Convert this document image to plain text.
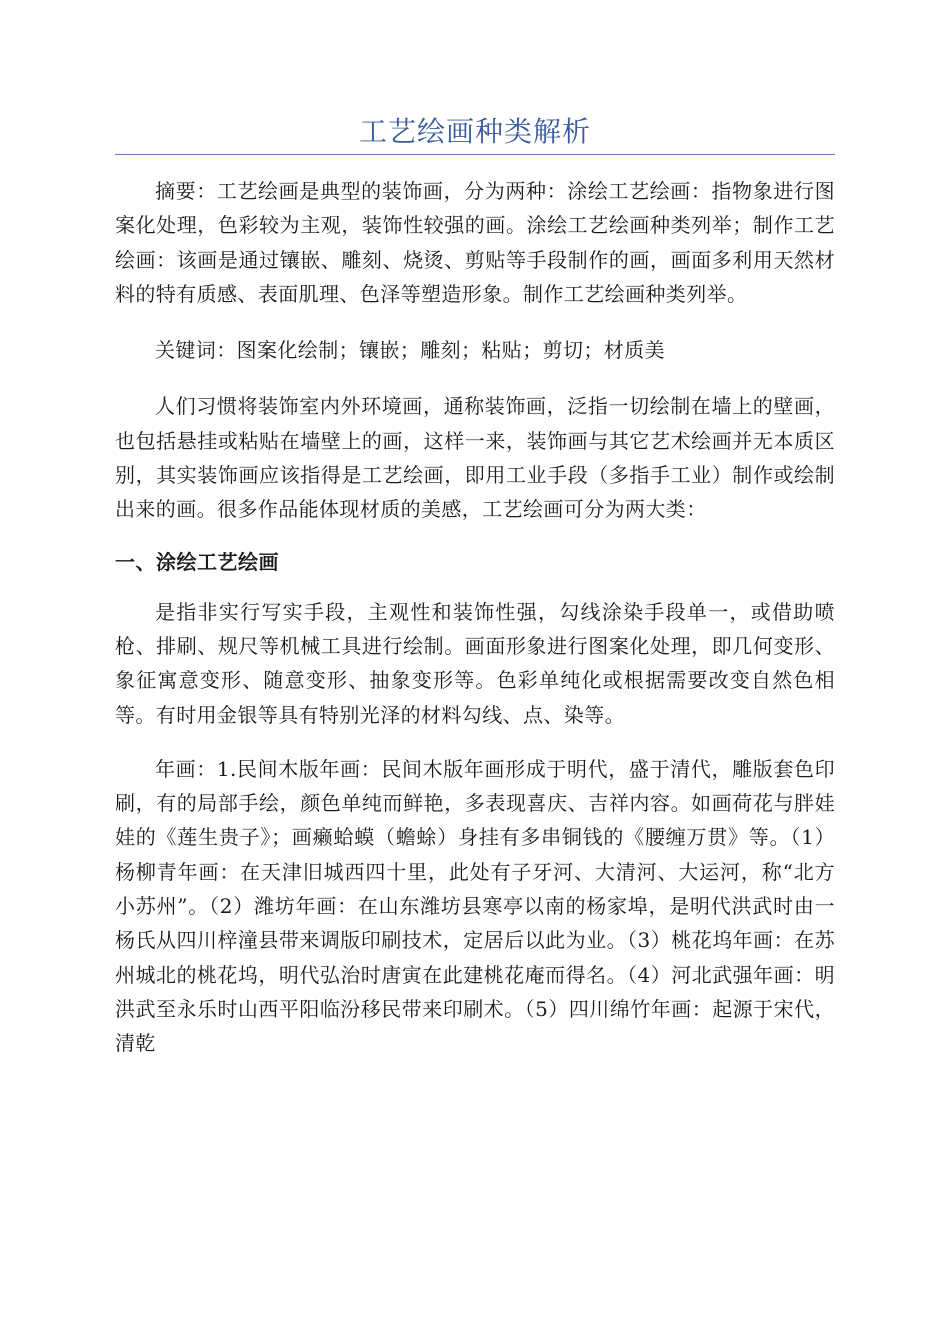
工艺绘画种类解析

摘要：工艺绘画是典型的装饰画，分为两种：涂绘工艺绘画：指物象进行图案化处理，色彩较为主观，装饰性较强的画。涂绘工艺绘画种类列举；制作工艺绘画：该画是通过镶嵌、雕刻、烧烫、剪贴等手段制作的画，画面多利用天然材料的特有质感、表面肌理、色泽等塑造形象。制作工艺绘画种类列举。

关键词：图案化绘制；镶嵌；雕刻；粘贴；剪切；材质美

人们习惯将装饰室内外环境画，通称装饰画，泛指一切绘制在墙上的壁画，也包括悬挂或粘贴在墙壁上的画，这样一来，装饰画与其它艺术绘画并无本质区别，其实装饰画应该指得是工艺绘画，即用工业手段（多指手工业）制作或绘制出来的画。很多作品能体现材质的美感，工艺绘画可分为两大类：

一、涂绘工艺绘画

是指非实行写实手段，主观性和装饰性强，勾线涂染手段单一，或借助喷枪、排刷、规尺等机械工具进行绘制。画面形象进行图案化处理，即几何变形、象征寓意变形、随意变形、抽象变形等。色彩单纯化或根据需要改变自然色相等。有时用金银等具有特别光泽的材料勾线、点、染等。

年画：1.民间木版年画：民间木版年画形成于明代，盛于清代，雕版套色印刷，有的局部手绘，颜色单纯而鲜艳，多表现喜庆、吉祥内容。如画荷花与胖娃娃的《莲生贵子》；画癞蛤蟆（蟾蜍）身挂有多串铜钱的《腰缠万贯》等。（1）杨柳青年画：在天津旧城西四十里，此处有子牙河、大清河、大运河，称“北方小苏州”。（2）潍坊年画：在山东潍坊县寒亭以南的杨家埠，是明代洪武时由一杨氏从四川梓潼县带来调版印刷技术，定居后以此为业。（3）桃花坞年画：在苏州城北的桃花坞，明代弘治时唐寅在此建桃花庵而得名。（4）河北武强年画：明洪武至永乐时山西平阳临汾移民带来印刷术。（5）四川绵竹年画：起源于宋代，清乾
